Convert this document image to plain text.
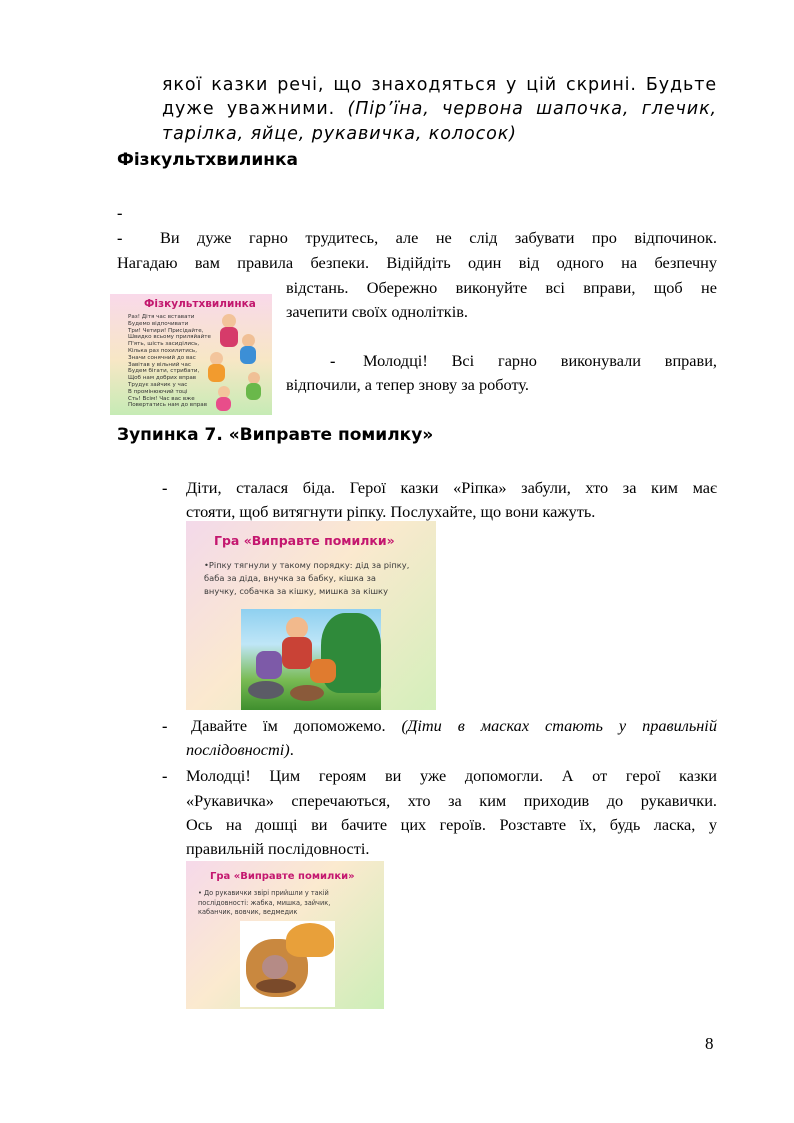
якої казки речі, що знаходяться у цій скрині. Будьте
дуже уважними. (Пір’їна, червона шапочка, глечик,
тарілка, яйце, рукавичка, колосок)
Фізкультхвилинка
-
- Ви дуже гарно трудитесь, але не слід забувати про відпочинок.
Нагадаю вам правила безпеки. Відійдіть один від одного на безпечну
відстань. Обережно виконуйте всі вправи, щоб не
зачепити своїх однолітків.
- Молодці! Всі гарно виконували вправи,
відпочили, а тепер знову за роботу.
Фізкультхвилинка
Раз! Дітя час вставати
Будемо відпочивати
Три! Четири! Присідайте,
Швидко всьому приляйайте
П'ять, шість засиділись,
Кілька раз похилитись,
Значи сонячний до вас
Завітав у вільний час
Будем бігати, стрибати,
Щоб нам добрих вправ
Трудує зайчик у час
В промінюючий тоці
Сть! Всім! Час вас вже
Повертатись нам до вправ
Зупинка 7. «Виправте помилку»
- Діти, сталася біда. Герої казки «Ріпка» забули, хто за ким має
стояти, щоб витягнути ріпку. Послухайте, що вони кажуть.
Гра «Виправте помилки»
•Ріпку тягнули у такому порядку: дід за ріпку,
баба за діда, внучка за бабку, кішка за
внучку, собачка за кішку, мишка за кішку
- Давайте їм допоможемо. (Діти в масках стають у правильній
послідовності).
- Молодці! Цим героям ви уже допомогли. А от герої казки
«Рукавичка» сперечаються, хто за ким приходив до рукавички.
Ось на дошці ви бачите цих героїв. Розставте їх, будь ласка, у
правильній послідовності.
Гра «Виправте помилки»
• До рукавички звірі прийшли у такій
послідовності: жабка, мишка, зайчик,
кабанчик, вовчик, ведмедик
8
